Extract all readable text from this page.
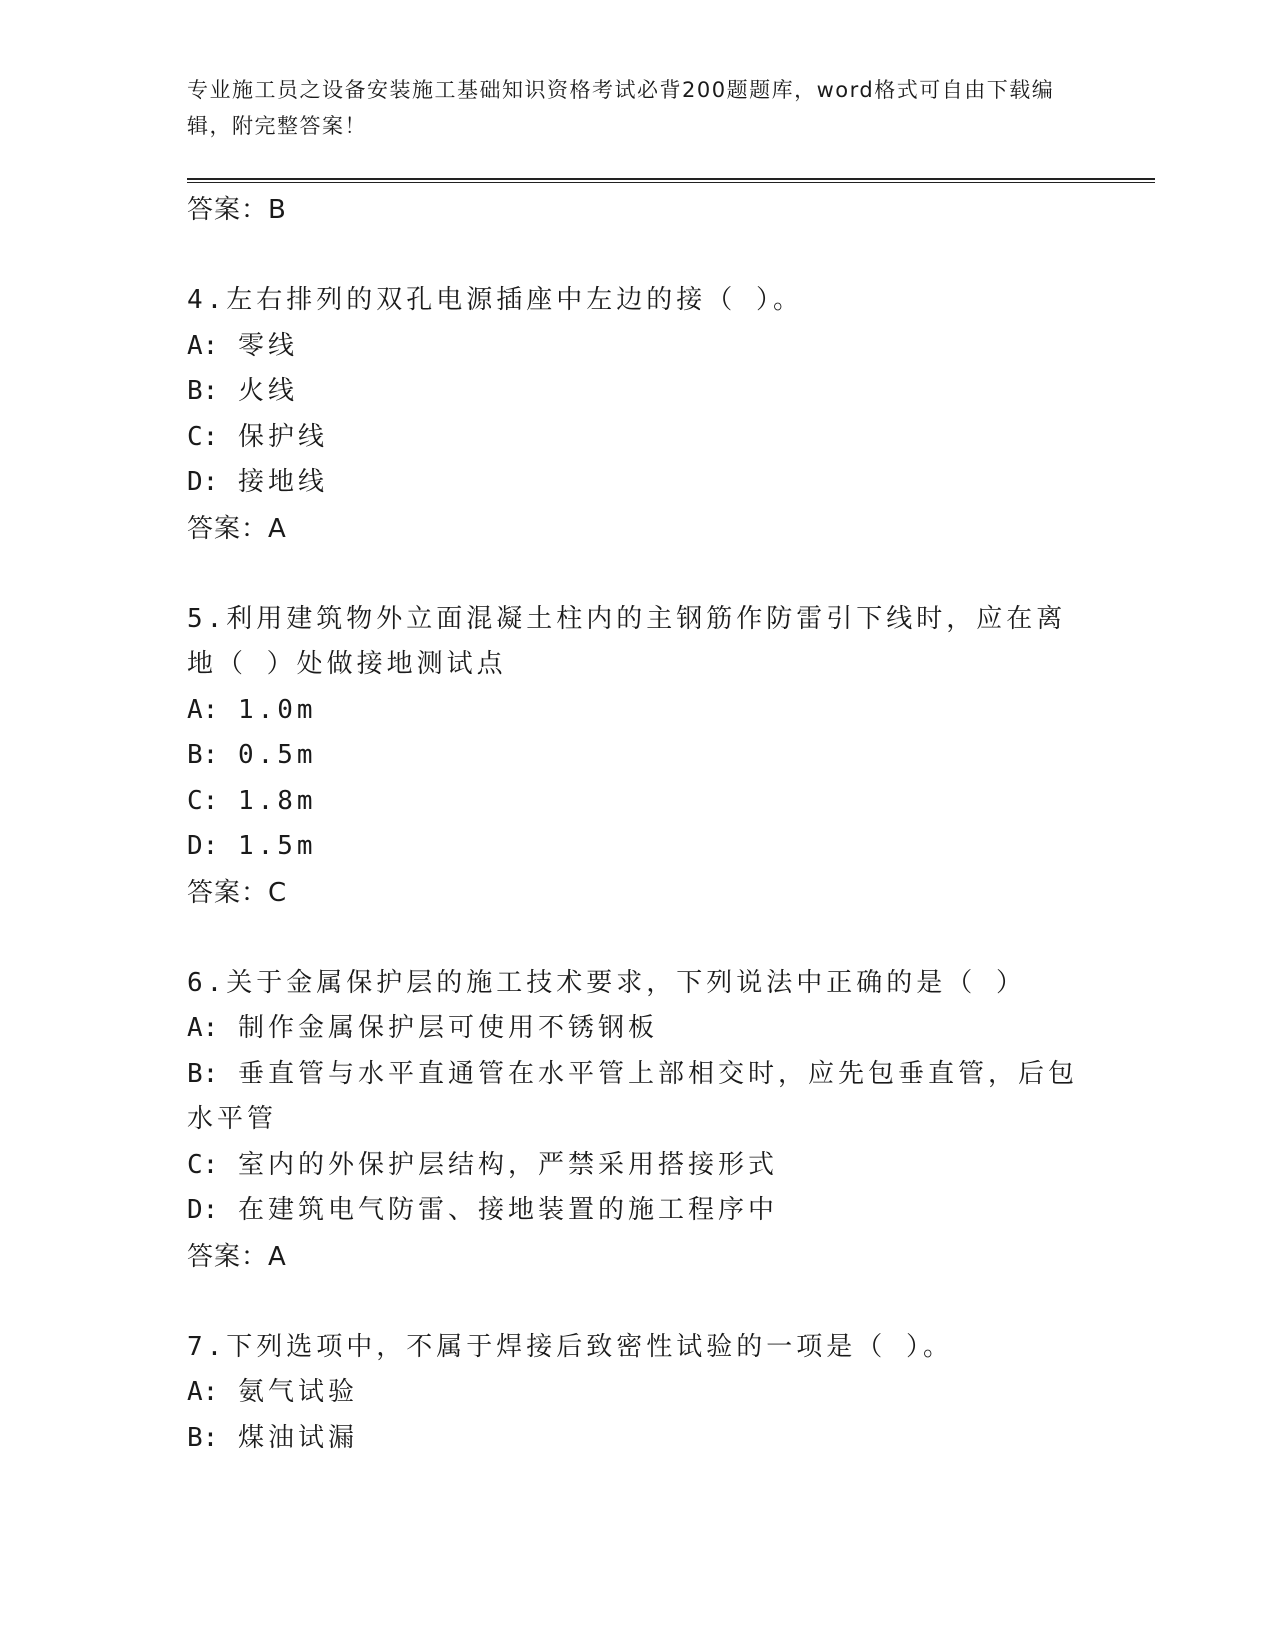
专业施工员之设备安装施工基础知识资格考试必背200题题库，word格式可自由下载编辑，附完整答案！
答案：B
4.左右排列的双孔电源插座中左边的接（ ）。
A: 零线
B: 火线
C: 保护线
D: 接地线
答案：A
5.利用建筑物外立面混凝土柱内的主钢筋作防雷引下线时，应在离地（ ）处做接地测试点
A: 1.0m
B: 0.5m
C: 1.8m
D: 1.5m
答案：C
6.关于金属保护层的施工技术要求，下列说法中正确的是（ ）
A: 制作金属保护层可使用不锈钢板
B: 垂直管与水平直通管在水平管上部相交时，应先包垂直管，后包水平管
C: 室内的外保护层结构，严禁采用搭接形式
D: 在建筑电气防雷、接地装置的施工程序中
答案：A
7.下列选项中，不属于焊接后致密性试验的一项是（ ）。
A: 氨气试验
B: 煤油试漏
